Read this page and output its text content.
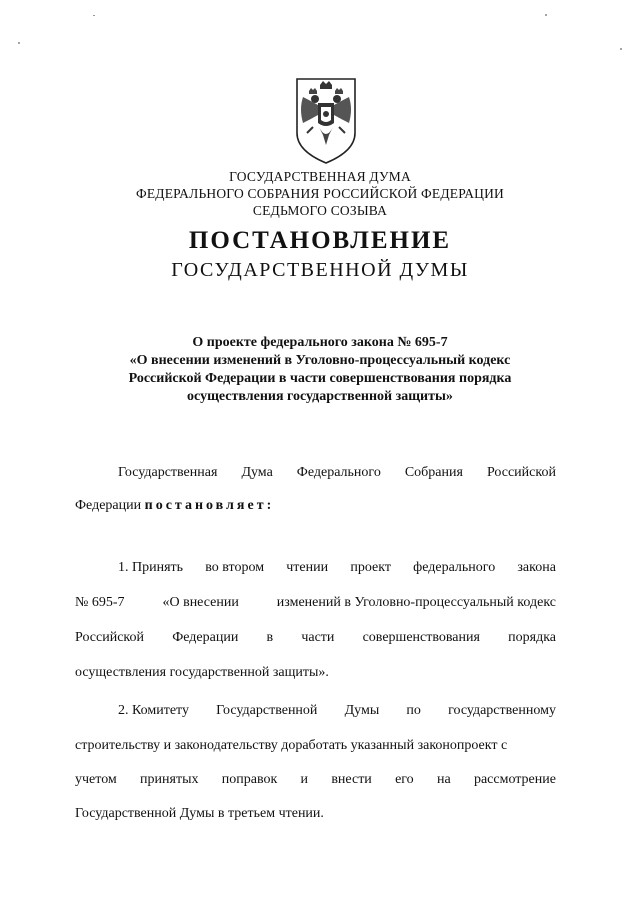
ГОСУДАРСТВЕННАЯ ДУМА
ФЕДЕРАЛЬНОГО СОБРАНИЯ РОССИЙСКОЙ ФЕДЕРАЦИИ
СЕДЬМОГО СОЗЫВА
ПОСТАНОВЛЕНИЕ
ГОСУДАРСТВЕННОЙ ДУМЫ
О проекте федерального закона № 695-7
«О внесении изменений в Уголовно-процессуальный кодекс
Российской Федерации в части совершенствования порядка
осуществления государственной защиты»
Государственная Дума Федерального Собрания Российской
Федерации постановляет:
1. Принять во втором чтении проект федерального закона
№ 695-7	«О внесении	изменений в Уголовно-процессуальный кодекс
Российской Федерации в части совершенствования порядка
осуществления государственной защиты».
2. Комитету Государственной Думы по государственному
строительству и законодательству доработать указанный законопроект с
учетом принятых поправок и внести его на рассмотрение
Государственной Думы в третьем чтении.
